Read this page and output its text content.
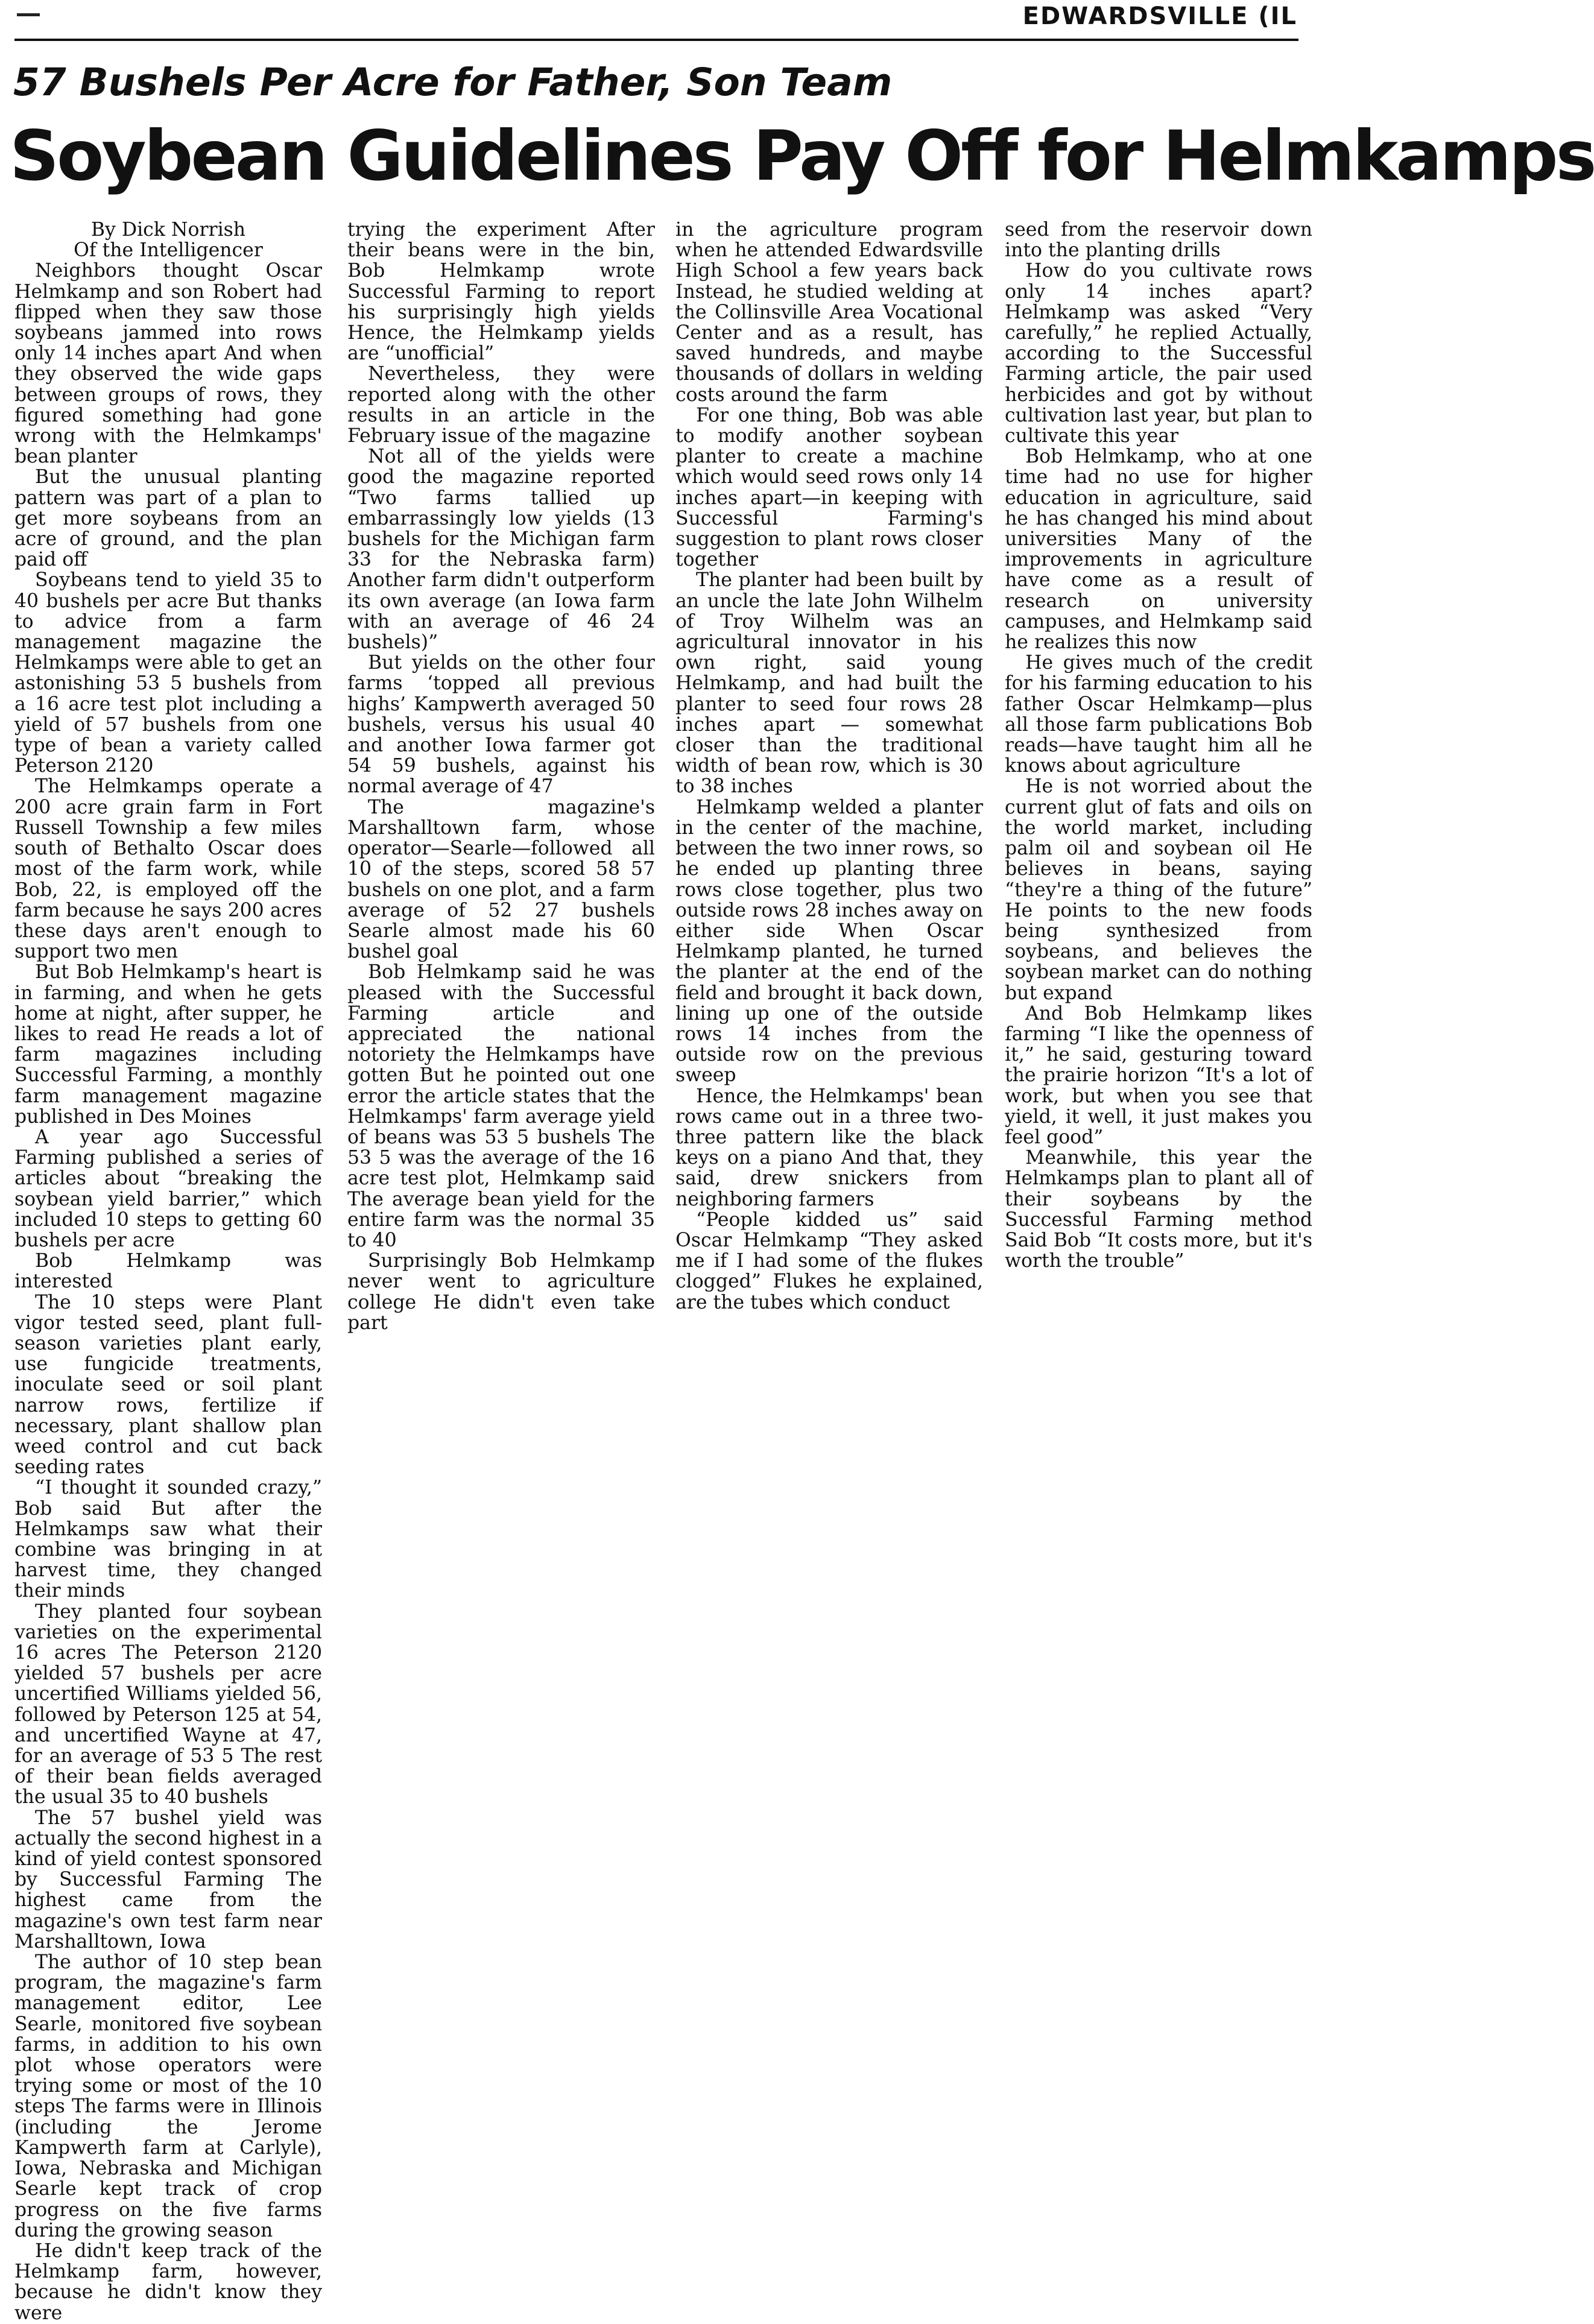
EDWARDSVILLE (IL
57 Bushels Per Acre for Father, Son Team
Soybean Guidelines Pay Off for Helmkamps

By Dick Norrish
Of the Intelligencer

Neighbors thought Oscar Helmkamp and son Robert had flipped when they saw those soybeans jammed into rows only 14 inches apart And when they observed the wide gaps between groups of rows, they figured something had gone wrong with the Helmkamps' bean planter

But the unusual planting pattern was part of a plan to get more soybeans from an acre of ground, and the plan paid off

Soybeans tend to yield 35 to 40 bushels per acre But thanks to advice from a farm management magazine the Helmkamps were able to get an astonishing 53 5 bushels from a 16 acre test plot including a yield of 57 bushels from one type of bean a variety called Peterson 2120

The Helmkamps operate a 200 acre grain farm in Fort Russell Township a few miles south of Bethalto Oscar does most of the farm work, while Bob, 22, is employed off the farm because he says 200 acres these days aren't enough to support two men

But Bob Helmkamp's heart is in farming, and when he gets home at night, after supper, he likes to read He reads a lot of farm magazines including Successful Farming, a monthly farm management magazine published in Des Moines

A year ago Successful Farming published a series of articles about “breaking the soybean yield barrier,” which included 10 steps to getting 60 bushels per acre

Bob Helmkamp was interested

The 10 steps were Plant vigor tested seed, plant full-season varieties plant early, use fungicide treatments, inoculate seed or soil plant narrow rows, fertilize if necessary, plant shallow plan weed control and cut back seeding rates

“I thought it sounded crazy,” Bob said But after the Helmkamps saw what their combine was bringing in at harvest time, they changed their minds

They planted four soybean varieties on the experimental 16 acres The Peterson 2120 yielded 57 bushels per acre uncertified Williams yielded 56, followed by Peterson 125 at 54, and uncertified Wayne at 47, for an average of 53 5 The rest of their bean fields averaged the usual 35 to 40 bushels

The 57 bushel yield was actually the second highest in a kind of yield contest sponsored by Successful Farming The highest came from the magazine's own test farm near Marshalltown, Iowa

The author of 10 step bean program, the magazine's farm management editor, Lee Searle, monitored five soybean farms, in addition to his own plot whose operators were trying some or most of the 10 steps The farms were in Illinois (including the Jerome Kampwerth farm at Carlyle), Iowa, Nebraska and Michigan Searle kept track of crop progress on the five farms during the growing season

He didn't keep track of the Helmkamp farm, however, because he didn't know they were

trying the experiment After their beans were in the bin, Bob Helmkamp wrote Successful Farming to report his surprisingly high yields Hence, the Helmkamp yields are “unofficial”

Nevertheless, they were reported along with the other results in an article in the February issue of the magazine

Not all of the yields were good the magazine reported “Two farms tallied up embarrassingly low yields (13 bushels for the Michigan farm 33 for the Nebraska farm) Another farm didn't outperform its own average (an Iowa farm with an average of 46 24 bushels)”

But yields on the other four farms ‘topped all previous highs’ Kampwerth averaged 50 bushels, versus his usual 40 and another Iowa farmer got 54 59 bushels, against his normal average of 47

The magazine's Marshalltown farm, whose operator—Searle—followed all 10 of the steps, scored 58 57 bushels on one plot, and a farm average of 52 27 bushels Searle almost made his 60 bushel goal

Bob Helmkamp said he was pleased with the Successful Farming article and appreciated the national notoriety the Helmkamps have gotten But he pointed out one error the article states that the Helmkamps' farm average yield of beans was 53 5 bushels The 53 5 was the average of the 16 acre test plot, Helmkamp said The average bean yield for the entire farm was the normal 35 to 40

Surprisingly Bob Helmkamp never went to agriculture college He didn't even take part

in the agriculture program when he attended Edwardsville High School a few years back Instead, he studied welding at the Collinsville Area Vocational Center and as a result, has saved hundreds, and maybe thousands of dollars in welding costs around the farm

For one thing, Bob was able to modify another soybean planter to create a machine which would seed rows only 14 inches apart—in keeping with Successful Farming's suggestion to plant rows closer together

The planter had been built by an uncle the late John Wilhelm of Troy Wilhelm was an agricultural innovator in his own right, said young Helmkamp, and had built the planter to seed four rows 28 inches apart — somewhat closer than the traditional width of bean row, which is 30 to 38 inches

Helmkamp welded a planter in the center of the machine, between the two inner rows, so he ended up planting three rows close together, plus two outside rows 28 inches away on either side When Oscar Helmkamp planted, he turned the planter at the end of the field and brought it back down, lining up one of the outside rows 14 inches from the outside row on the previous sweep

Hence, the Helmkamps' bean rows came out in a three two-three pattern like the black keys on a piano And that, they said, drew snickers from neighboring farmers

“People kidded us” said Oscar Helmkamp “They asked me if I had some of the flukes clogged” Flukes he explained, are the tubes which conduct

seed from the reservoir down into the planting drills

How do you cultivate rows only 14 inches apart? Helmkamp was asked “Very carefully,” he replied Actually, according to the Successful Farming article, the pair used herbicides and got by without cultivation last year, but plan to cultivate this year

Bob Helmkamp, who at one time had no use for higher education in agriculture, said he has changed his mind about universities Many of the improvements in agriculture have come as a result of research on university campuses, and Helmkamp said he realizes this now

He gives much of the credit for his farming education to his father Oscar Helmkamp—plus all those farm publications Bob reads—have taught him all he knows about agriculture

He is not worried about the current glut of fats and oils on the world market, including palm oil and soybean oil He believes in beans, saying “they're a thing of the future” He points to the new foods being synthesized from soybeans, and believes the soybean market can do nothing but expand

And Bob Helmkamp likes farming “I like the openness of it,” he said, gesturing toward the prairie horizon “It's a lot of work, but when you see that yield, it well, it just makes you feel good”

Meanwhile, this year the Helmkamps plan to plant all of their soybeans by the Successful Farming method Said Bob “It costs more, but it's worth the trouble”
